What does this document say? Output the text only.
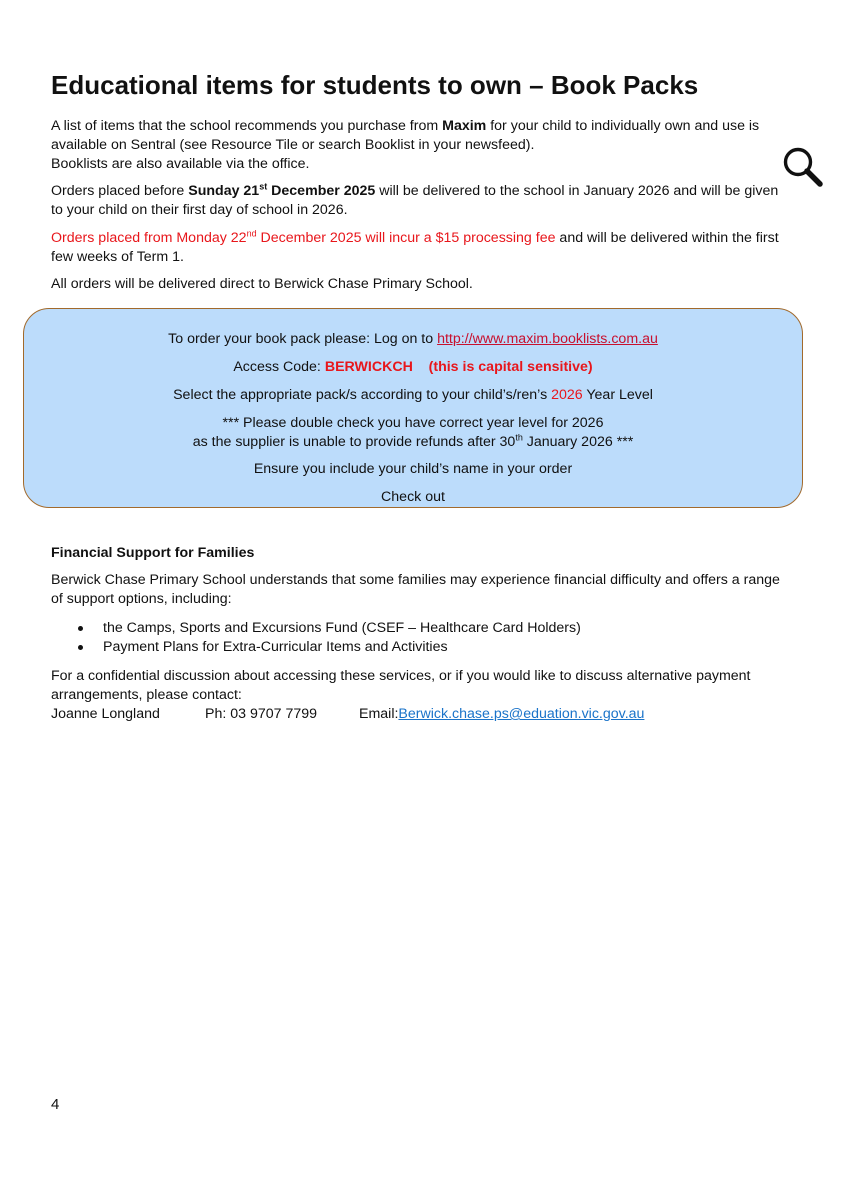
Educational items for students to own – Book Packs

A list of items that the school recommends you purchase from Maxim for your child to individually own and use is

available on Sentral (see Resource Tile or search Booklist in your newsfeed).

Booklists are also available via the office.

Orders placed before Sunday 21st December 2025 will be delivered to the school in January 2026 and will be given

to your child on their first day of school in 2026.

Orders placed from Monday 22nd December 2025 will incur a $15 processing fee and will be delivered within the first

few weeks of Term 1.

All orders will be delivered direct to Berwick Chase Primary School.

To order your book pack please: Log on to http://www.maxim.booklists.com.au
Access Code: BERWICKCH (this is capital sensitive)
Select the appropriate pack/s according to your child’s/ren’s 2026 Year Level
*** Please double check you have correct year level for 2026
as the supplier is unable to provide refunds after 30th January 2026 ***
Ensure you include your child’s name in your order
Check out

Financial Support for Families

Berwick Chase Primary School understands that some families may experience financial difficulty and offers a range

of support options, including:

the Camps, Sports and Excursions Fund (CSEF – Healthcare Card Holders)
Payment Plans for Extra-Curricular Items and Activities

For a confidential discussion about accessing these services, or if you would like to discuss alternative payment

arrangements, please contact:

Joanne Longland	Ph: 03 9707 7799	Email:Berwick.chase.ps@eduation.vic.gov.au

4
